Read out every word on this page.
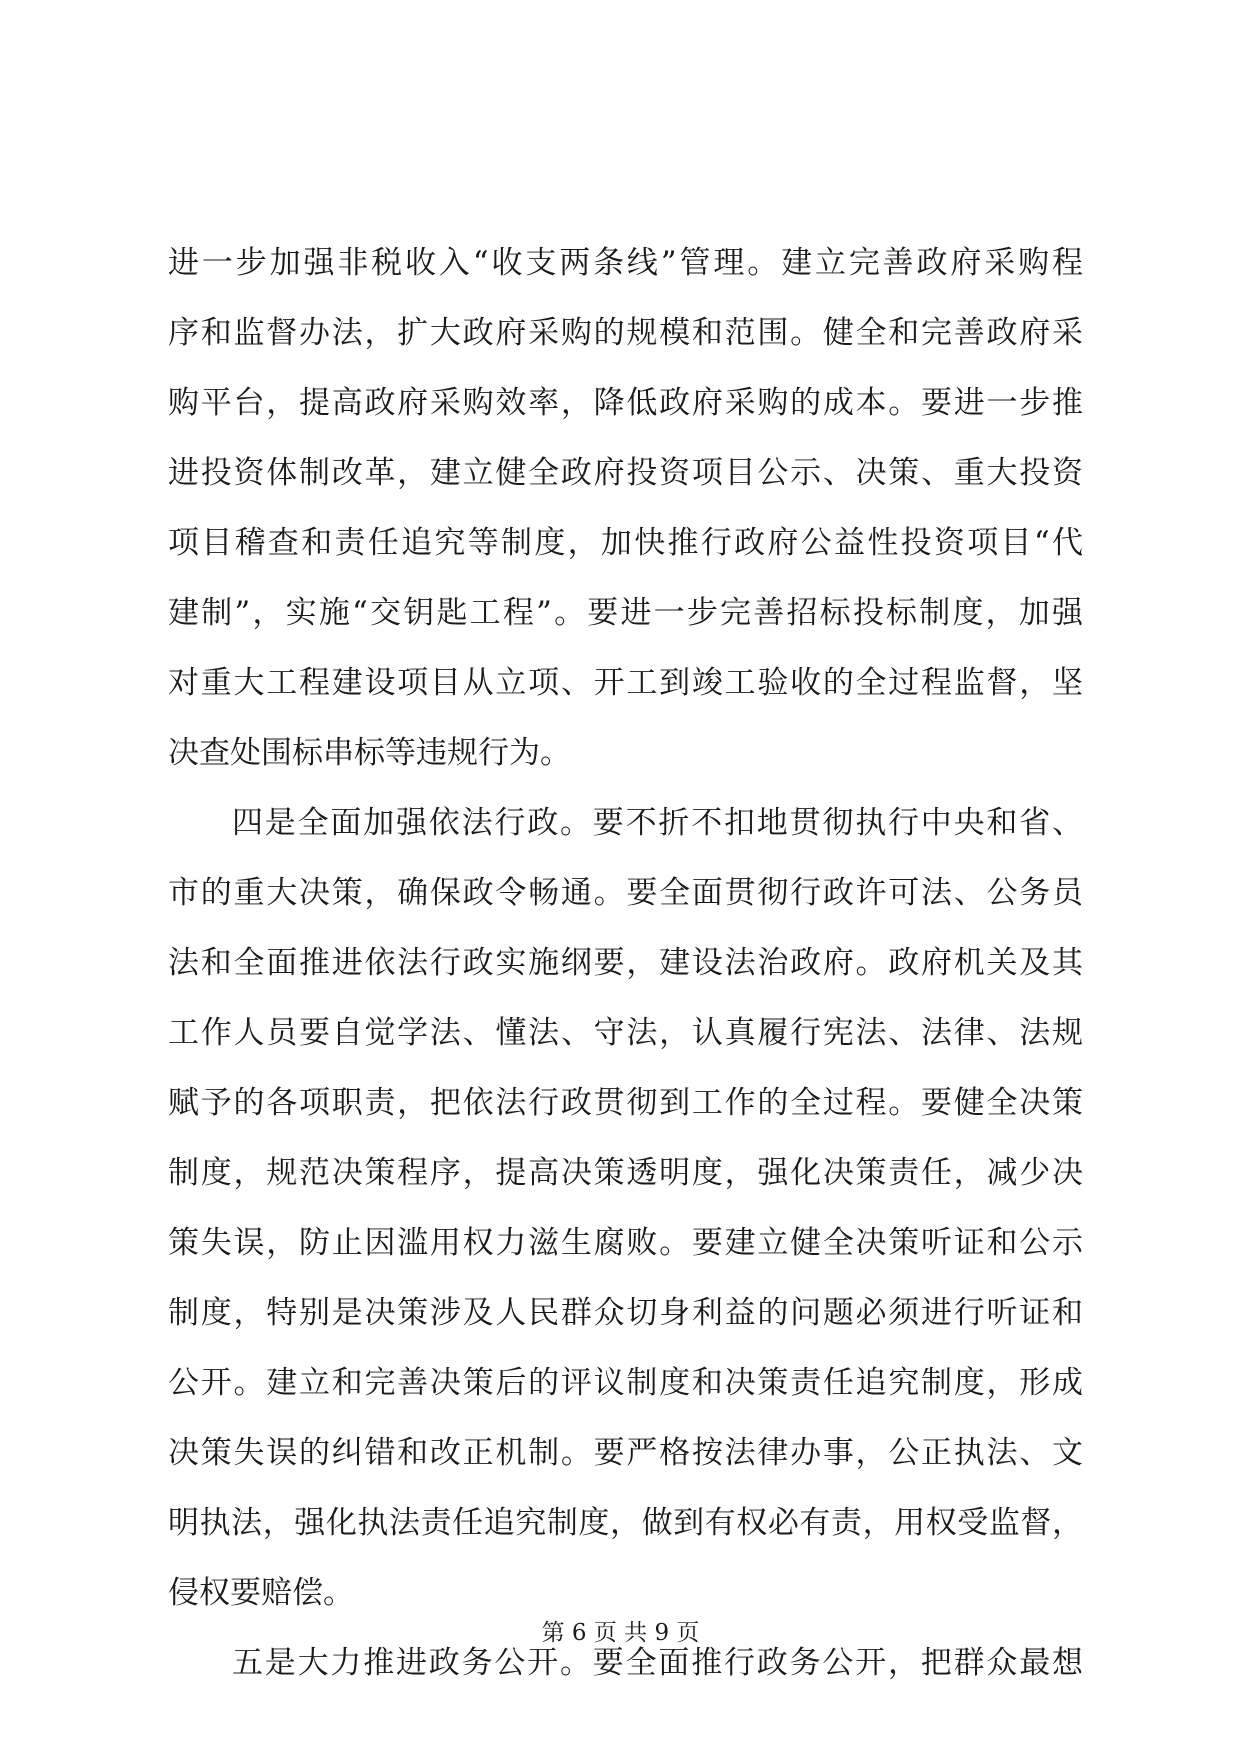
进一步加强非税收入“收支两条线”管理。建立完善政府采购程
序和监督办法，扩大政府采购的规模和范围。健全和完善政府采
购平台，提高政府采购效率，降低政府采购的成本。要进一步推
进投资体制改革，建立健全政府投资项目公示、决策、重大投资
项目稽查和责任追究等制度，加快推行政府公益性投资项目“代
建制”，实施“交钥匙工程”。要进一步完善招标投标制度，加强
对重大工程建设项目从立项、开工到竣工验收的全过程监督，坚
决查处围标串标等违规行为。
四是全面加强依法行政。要不折不扣地贯彻执行中央和省、
市的重大决策，确保政令畅通。要全面贯彻行政许可法、公务员
法和全面推进依法行政实施纲要，建设法治政府。政府机关及其
工作人员要自觉学法、懂法、守法，认真履行宪法、法律、法规
赋予的各项职责，把依法行政贯彻到工作的全过程。要健全决策
制度，规范决策程序，提高决策透明度，强化决策责任，减少决
策失误，防止因滥用权力滋生腐败。要建立健全决策听证和公示
制度，特别是决策涉及人民群众切身利益的问题必须进行听证和
公开。建立和完善决策后的评议制度和决策责任追究制度，形成
决策失误的纠错和改正机制。要严格按法律办事，公正执法、文
明执法，强化执法责任追究制度，做到有权必有责，用权受监督，
侵权要赔偿。
五是大力推进政务公开。要全面推行政务公开，把群众最想
第 6 页 共 9 页
